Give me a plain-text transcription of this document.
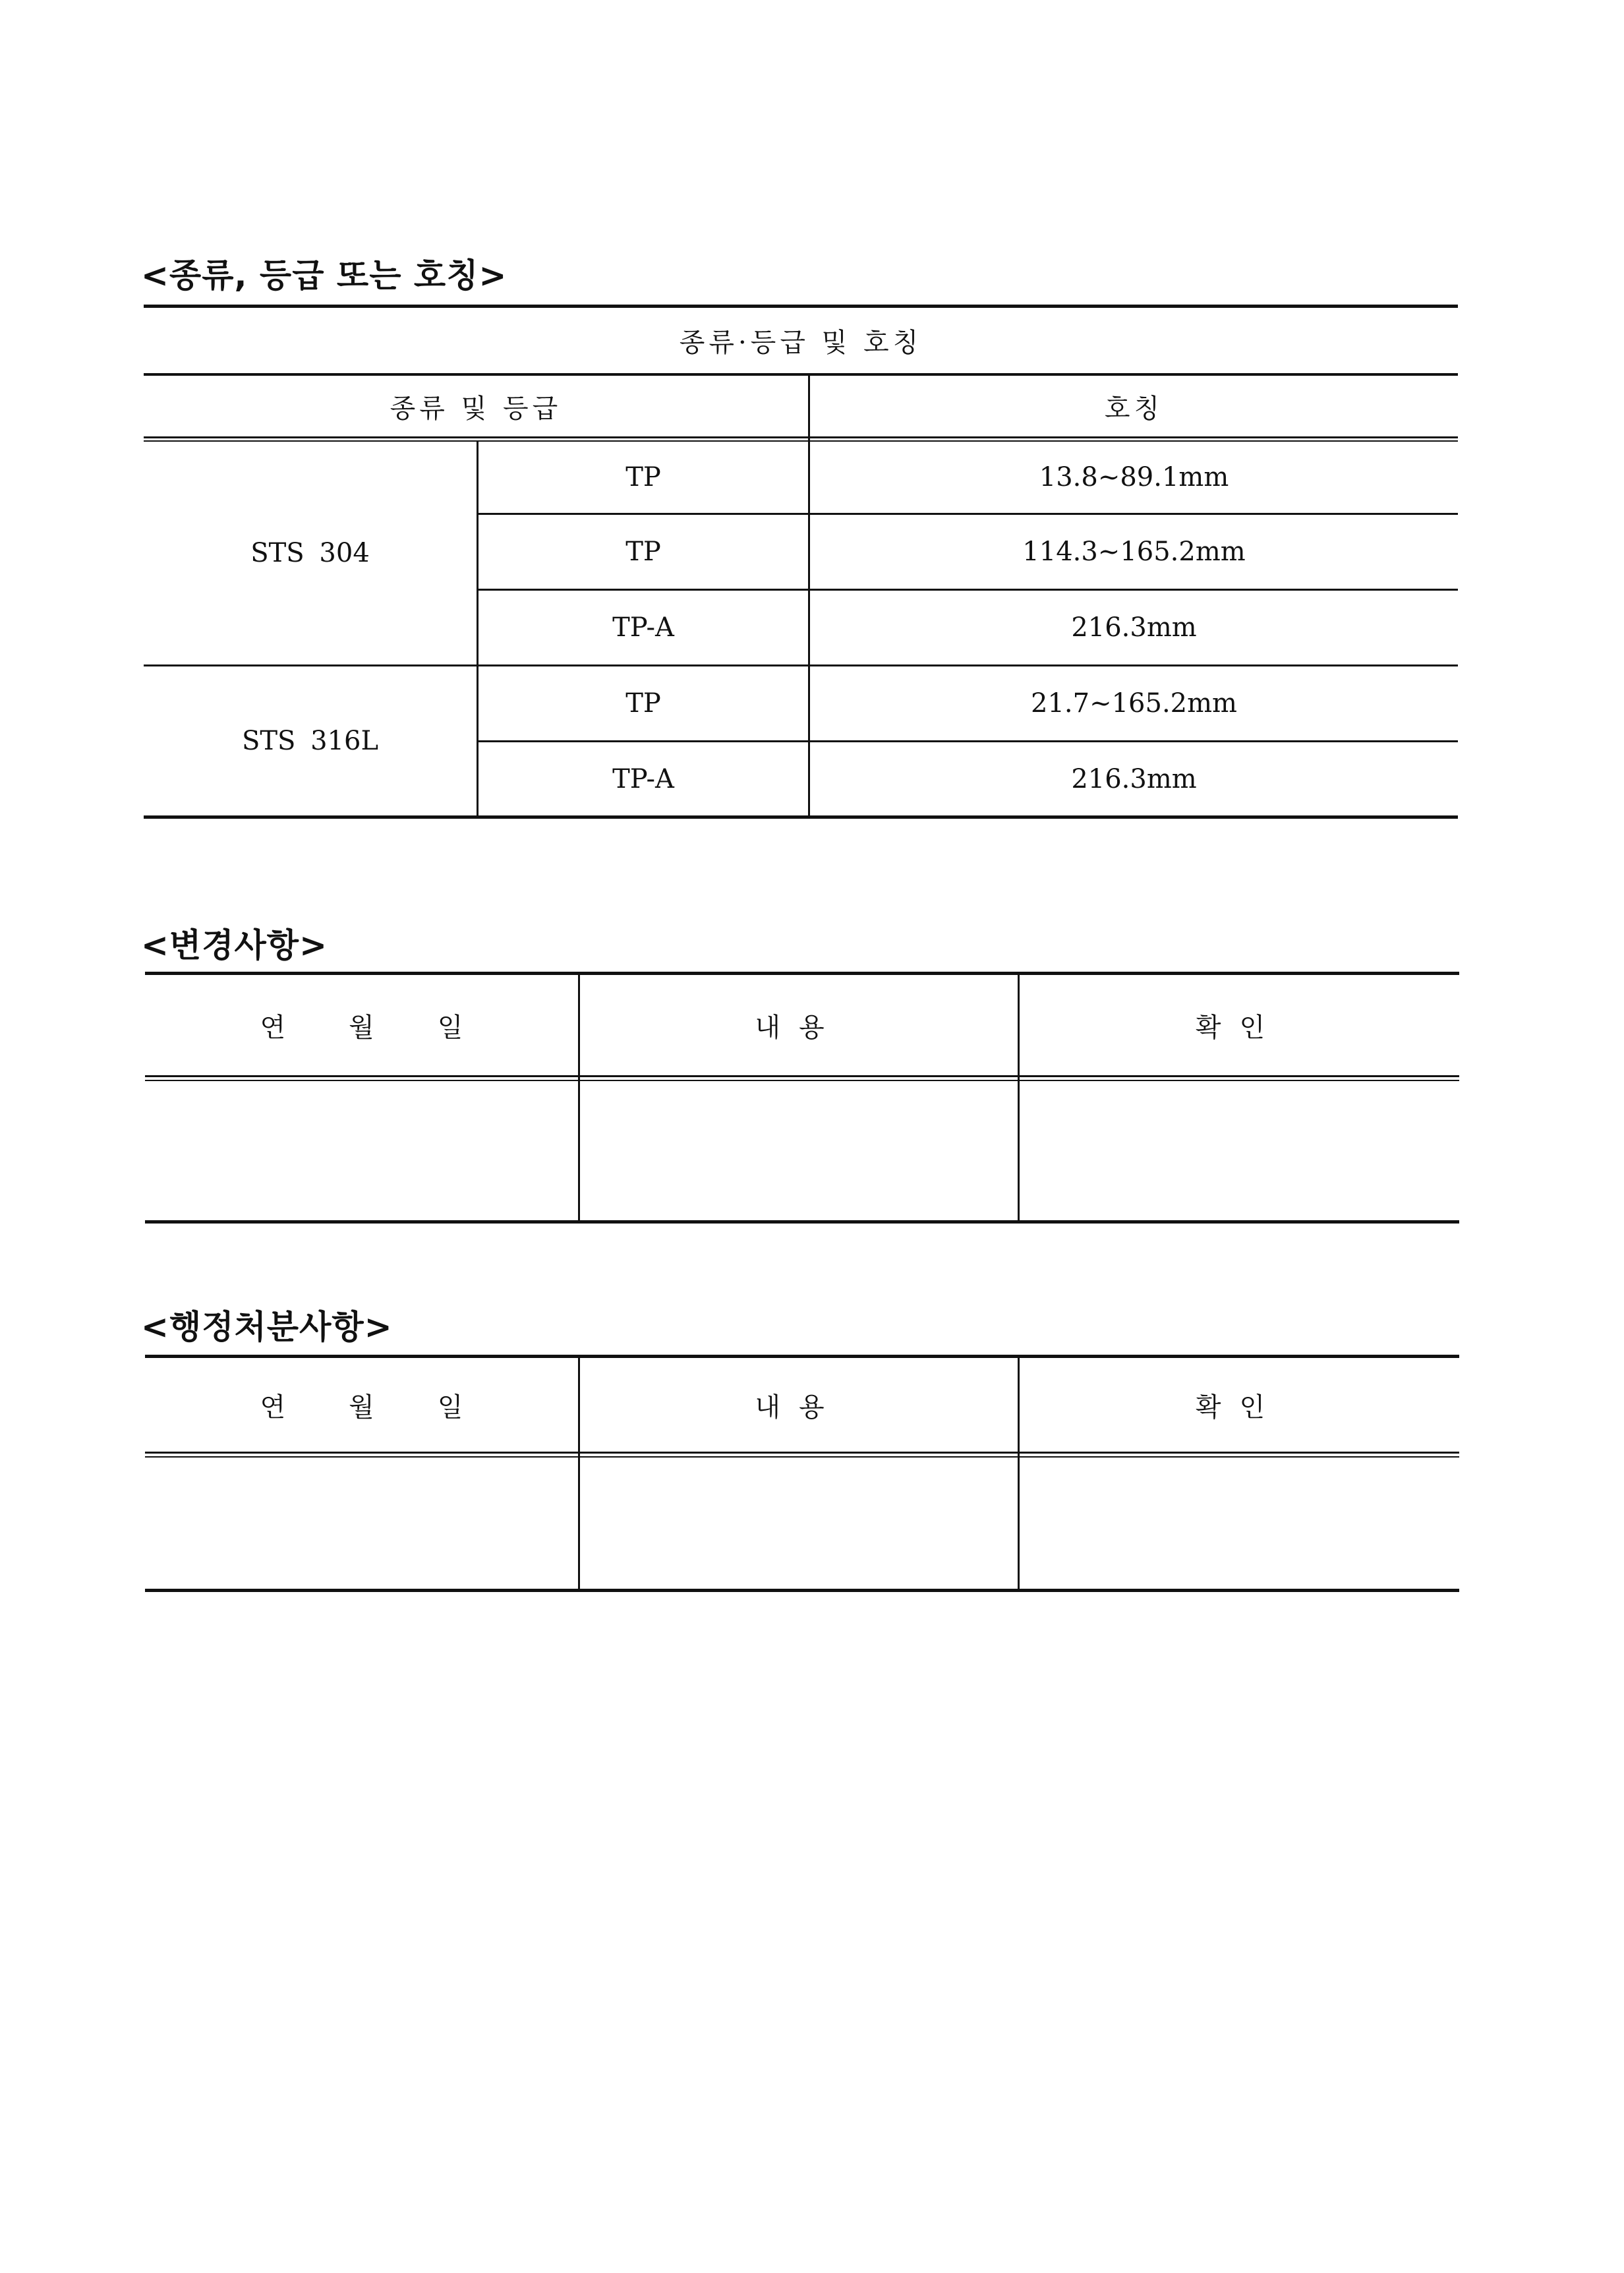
<종류, 등급 또는 호칭>
종류·등급 및 호칭
종류 및 등급	호칭
STS 304
TP	13.8~89.1mm
TP	114.3~165.2mm
TP-A	216.3mm
STS 316L
TP	21.7~165.2mm
TP-A	216.3mm
<변경사항>
연월일	내용	확인
<행정처분사항>
연월일	내용	확인
